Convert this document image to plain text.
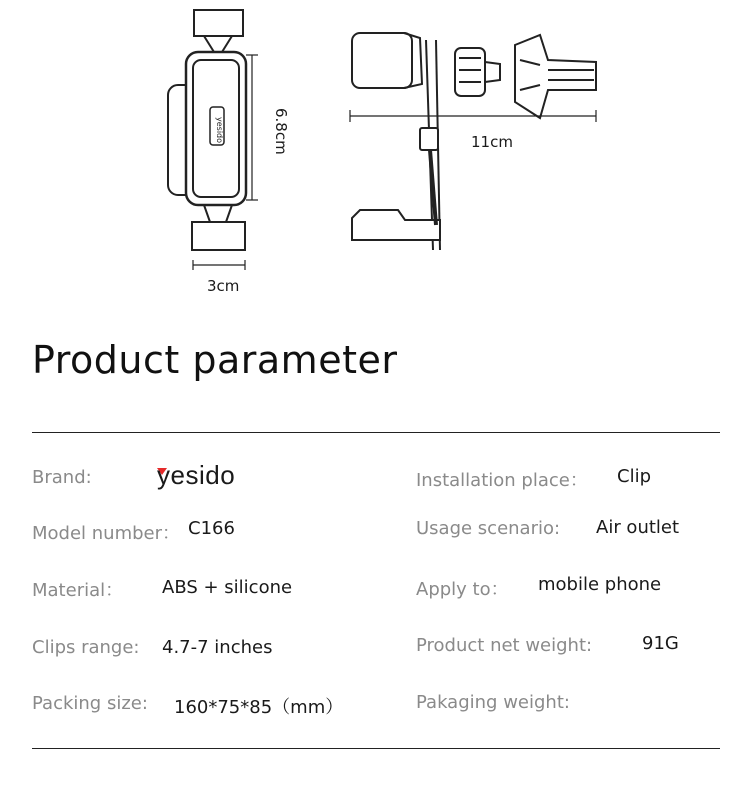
yesido
3cm
11cm
6.8cm
Product parameter
Brand:	yesido
Model number： C166
Material： ABS + silicone
Clips range: 4.7-7 inches
Packing size: 160*75*85（mm）
Installation place： Clip
Usage scenario: Air outlet
Apply to： mobile phone
Product net weight:	91G
Pakaging weight:
